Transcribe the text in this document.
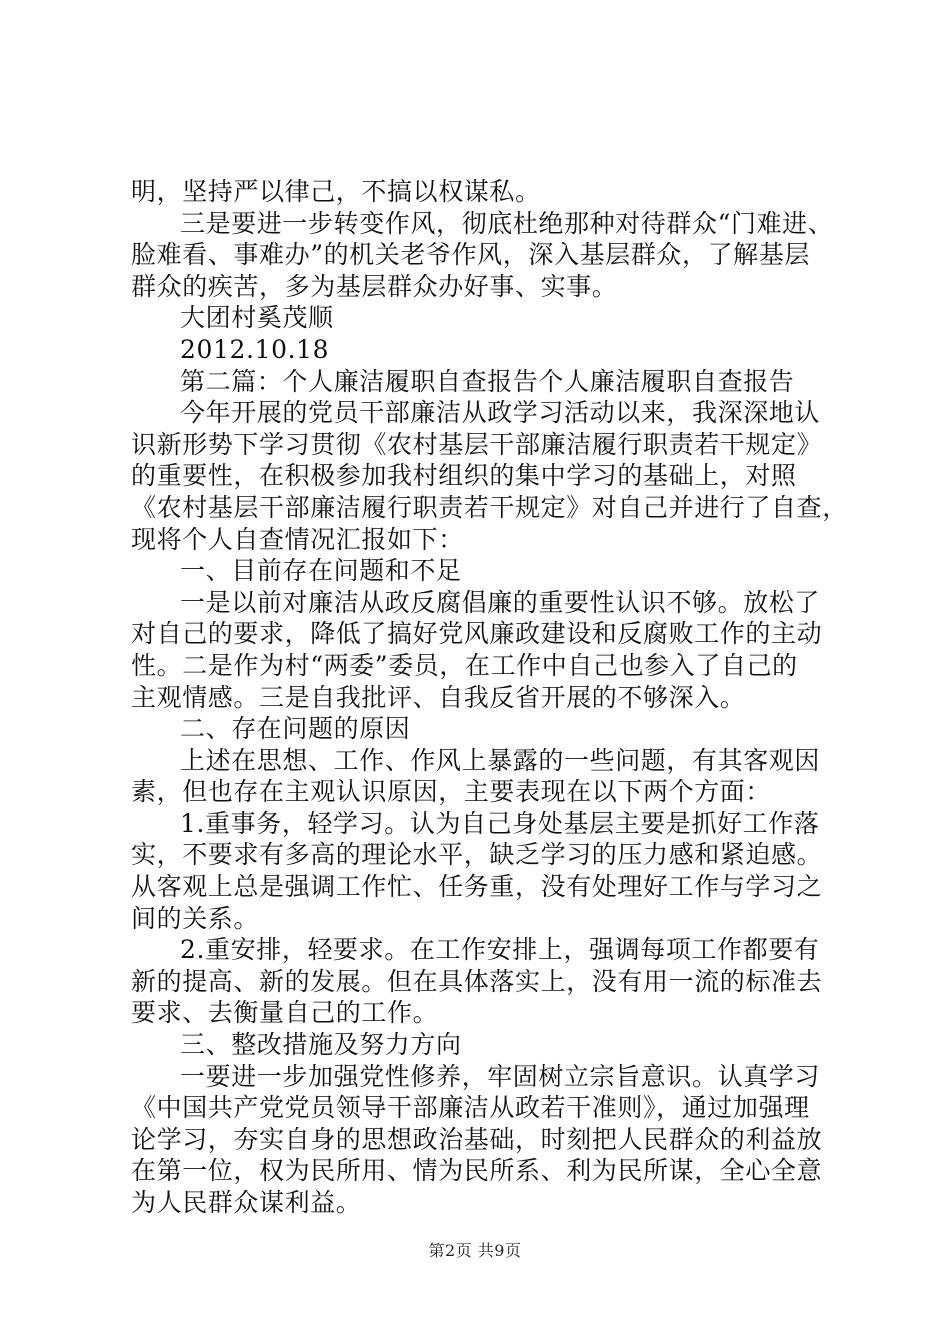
明，坚持严以律己，不搞以权谋私。
三是要进一步转变作风，彻底杜绝那种对待群众“门难进、
脸难看、事难办”的机关老爷作风，深入基层群众，了解基层
群众的疾苦，多为基层群众办好事、实事。
大团村奚茂顺
2012.10.18
第二篇：个人廉洁履职自查报告个人廉洁履职自查报告
今年开展的党员干部廉洁从政学习活动以来，我深深地认
识新形势下学习贯彻《农村基层干部廉洁履行职责若干规定》
的重要性，在积极参加我村组织的集中学习的基础上，对照
《农村基层干部廉洁履行职责若干规定》对自己并进行了自查，
现将个人自查情况汇报如下：
一、目前存在问题和不足
一是以前对廉洁从政反腐倡廉的重要性认识不够。放松了
对自己的要求，降低了搞好党风廉政建设和反腐败工作的主动
性。二是作为村“两委”委员，在工作中自己也参入了自己的
主观情感。三是自我批评、自我反省开展的不够深入。
二、存在问题的原因
上述在思想、工作、作风上暴露的一些问题，有其客观因
素，但也存在主观认识原因，主要表现在以下两个方面：
1.重事务，轻学习。认为自己身处基层主要是抓好工作落
实，不要求有多高的理论水平，缺乏学习的压力感和紧迫感。
从客观上总是强调工作忙、任务重，没有处理好工作与学习之
间的关系。
2.重安排，轻要求。在工作安排上，强调每项工作都要有
新的提高、新的发展。但在具体落实上，没有用一流的标准去
要求、去衡量自己的工作。
三、整改措施及努力方向
一要进一步加强党性修养，牢固树立宗旨意识。认真学习
《中国共产党党员领导干部廉洁从政若干准则》，通过加强理
论学习，夯实自身的思想政治基础，时刻把人民群众的利益放
在第一位，权为民所用、情为民所系、利为民所谋，全心全意
为人民群众谋利益。
第2页 共9页
